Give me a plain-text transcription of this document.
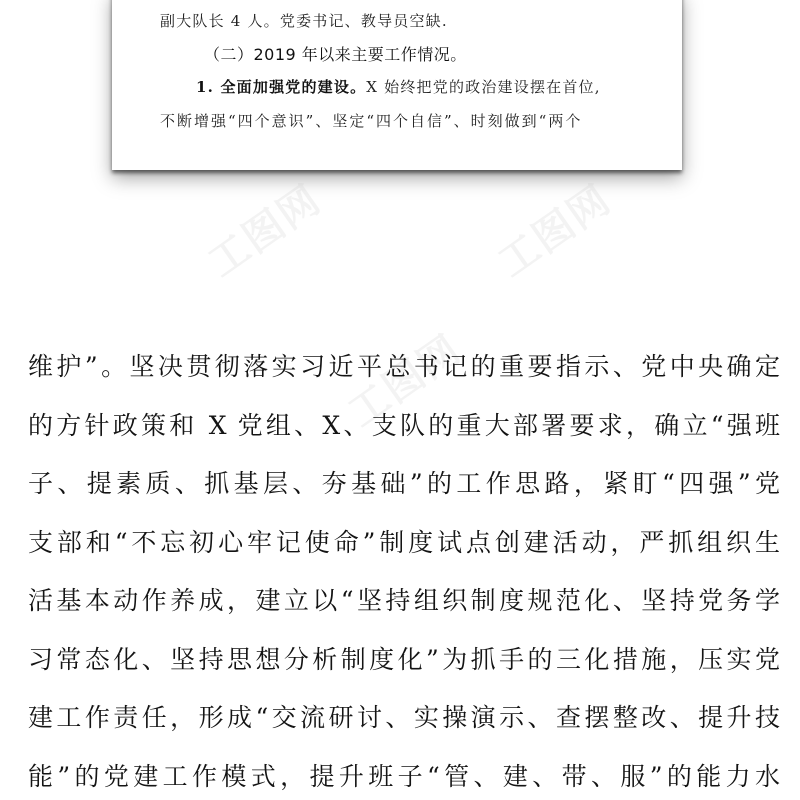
副大队长 4 人。党委书记、教导员空缺.
（二）2019 年以来主要工作情况。
1. 全面加强党的建设。X 始终把党的政治建设摆在首位,
不断增强“四个意识”、坚定“四个自信”、时刻做到“两个
工图网	工图网
工图网
维护”。坚决贯彻落实习近平总书记的重要指示、党中央确定
的方针政策和 X 党组、X、支队的重大部署要求，确立“强班
子、提素质、抓基层、夯基础”的工作思路，紧盯“四强”党
支部和“不忘初心牢记使命”制度试点创建活动，严抓组织生
活基本动作养成，建立以“坚持组织制度规范化、坚持党务学
习常态化、坚持思想分析制度化”为抓手的三化措施，压实党
建工作责任，形成“交流研讨、实操演示、查摆整改、提升技
能”的党建工作模式，提升班子“管、建、带、服”的能力水
